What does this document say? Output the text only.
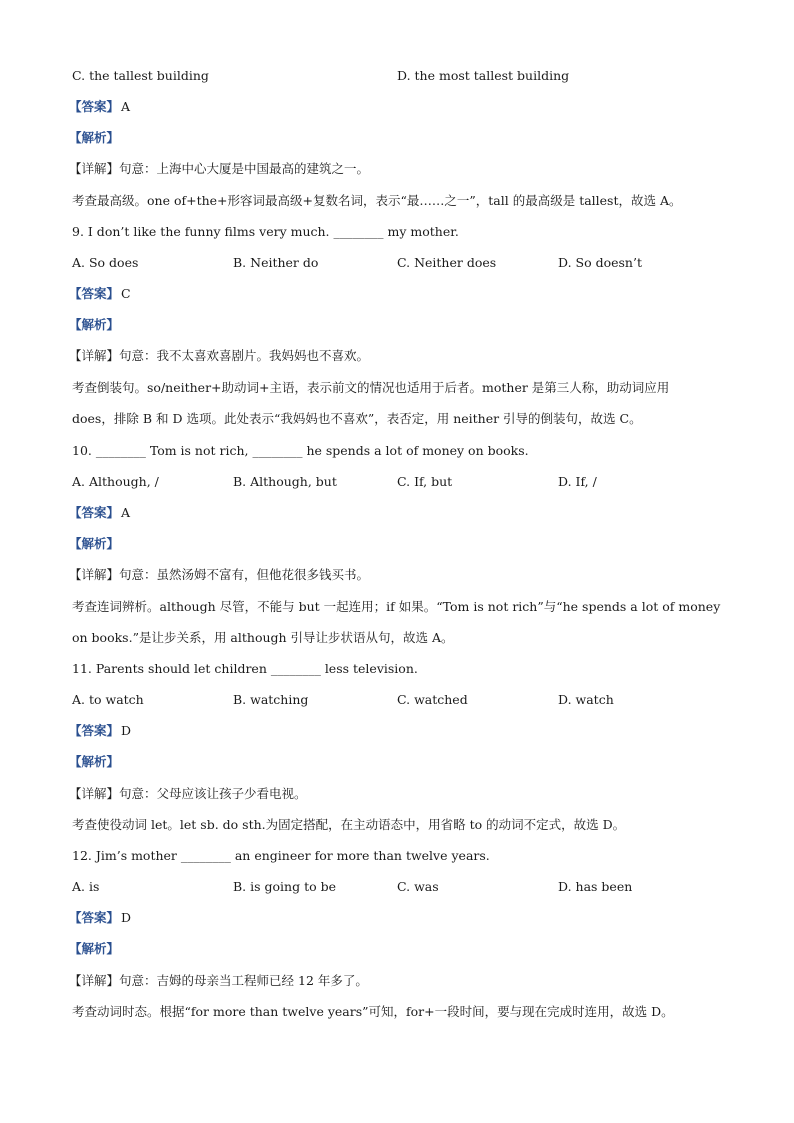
C. the tallest building	D. the most tallest building
【答案】 A
【解析】
【详解】句意：上海中心大厦是中国最高的建筑之一。
考查最高级。one of+the+形容词最高级+复数名词，表示“最……之一”，tall 的最高级是 tallest，故选 A。
9. I don’t like the funny films very much. ________ my mother.
A. So does	B. Neither do	C. Neither does	D. So doesn’t
【答案】 C
【解析】
【详解】句意：我不太喜欢喜剧片。我妈妈也不喜欢。
考查倒装句。so/neither+助动词+主语，表示前文的情况也适用于后者。mother 是第三人称，助动词应用
does，排除 B 和 D 选项。此处表示“我妈妈也不喜欢”，表否定，用 neither 引导的倒装句，故选 C。
10. ________ Tom is not rich, ________ he spends a lot of money on books.
A. Although, /	B. Although, but	C. If, but	D. If, /
【答案】 A
【解析】
【详解】句意：虽然汤姆不富有，但他花很多钱买书。
考查连词辨析。although 尽管，不能与 but 一起连用；if 如果。“Tom is not rich”与“he spends a lot of money
on books.”是让步关系，用 although 引导让步状语从句，故选 A。
11. Parents should let children ________ less television.
A. to watch	B. watching	C. watched	D. watch
【答案】 D
【解析】
【详解】句意：父母应该让孩子少看电视。
考查使役动词 let。let sb. do sth.为固定搭配，在主动语态中，用省略 to 的动词不定式，故选 D。
12. Jim’s mother ________ an engineer for more than twelve years.
A. is	B. is going to be	C. was	D. has been
【答案】 D
【解析】
【详解】句意：吉姆的母亲当工程师已经 12 年多了。
考查动词时态。根据“for more than twelve years”可知，for+一段时间，要与现在完成时连用，故选 D。
